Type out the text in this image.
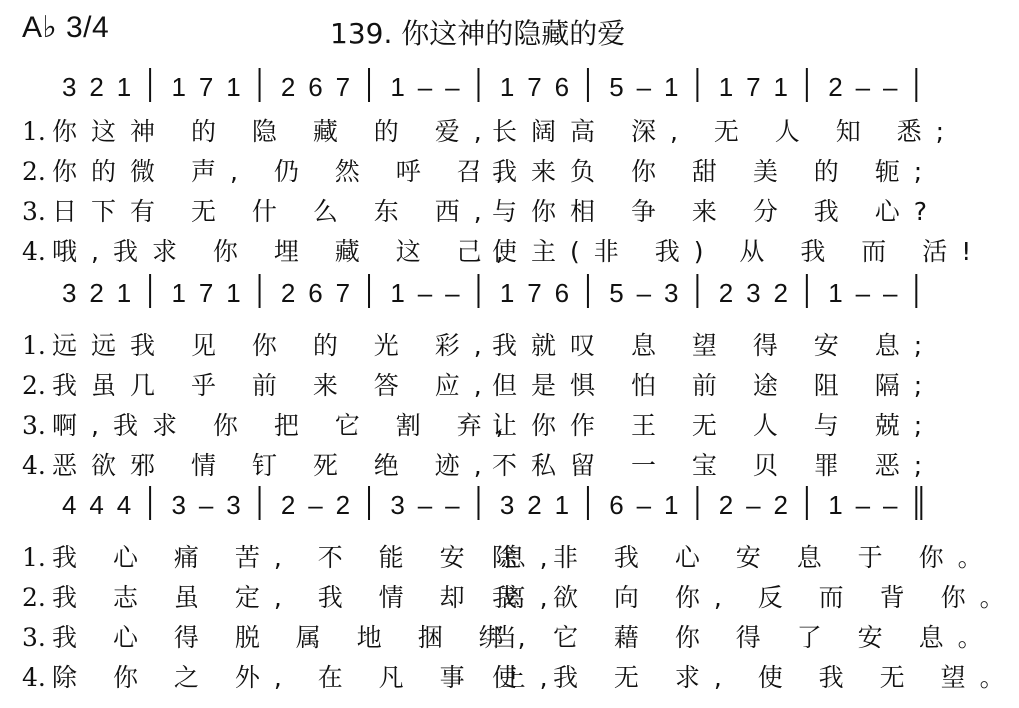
A♭ 3/4	139. 你这神的隐藏的爱
3 2 1 1 7 1 2 6 7 1 – – 1 7 6 5 – 1 1 7 1 2 – –
1. 你这神 的 隐 藏 的 爱,长阔高 深, 无 人 知 悉;
2. 你的微 声, 仍 然 呼 召,我来负 你 甜 美 的 轭;
3. 日下有 无 什 么 东 西,与你相 争 来 分 我 心?
4. 哦,我求 你 埋 藏 这 己,使主(非 我) 从 我 而 活!
3 2 1 1 7 1 2 6 7 1 – – 1 7 6 5 – 3 2 3 2 1 – –
1. 远远我 见 你 的 光 彩,我就叹 息 望 得 安 息;
2. 我虽几 乎 前 来 答 应,但是惧 怕 前 途 阻 隔;
3. 啊,我求 你 把 它 割 弃,让你作 王 无 人 与 兢;
4. 恶欲邪 情 钉 死 绝 迹,不私留 一 宝 贝 罪 恶;
4 4 4 3 – 3 2 – 2 3 – – 3 2 1 6 – 1 2 – 2 1 – –
1. 我 心 痛 苦, 不 能 安 息,除 非 我 心 安 息 于 你。
2. 我 志 虽 定, 我 情 却 离,我 欲 向 你, 反 而 背 你。
3. 我 心 得 脱 属 地 捆 绑,当 它 藉 你 得 了 安 息。
4. 除 你 之 外, 在 凡 事 上,使 我 无 求, 使 我 无 望。
